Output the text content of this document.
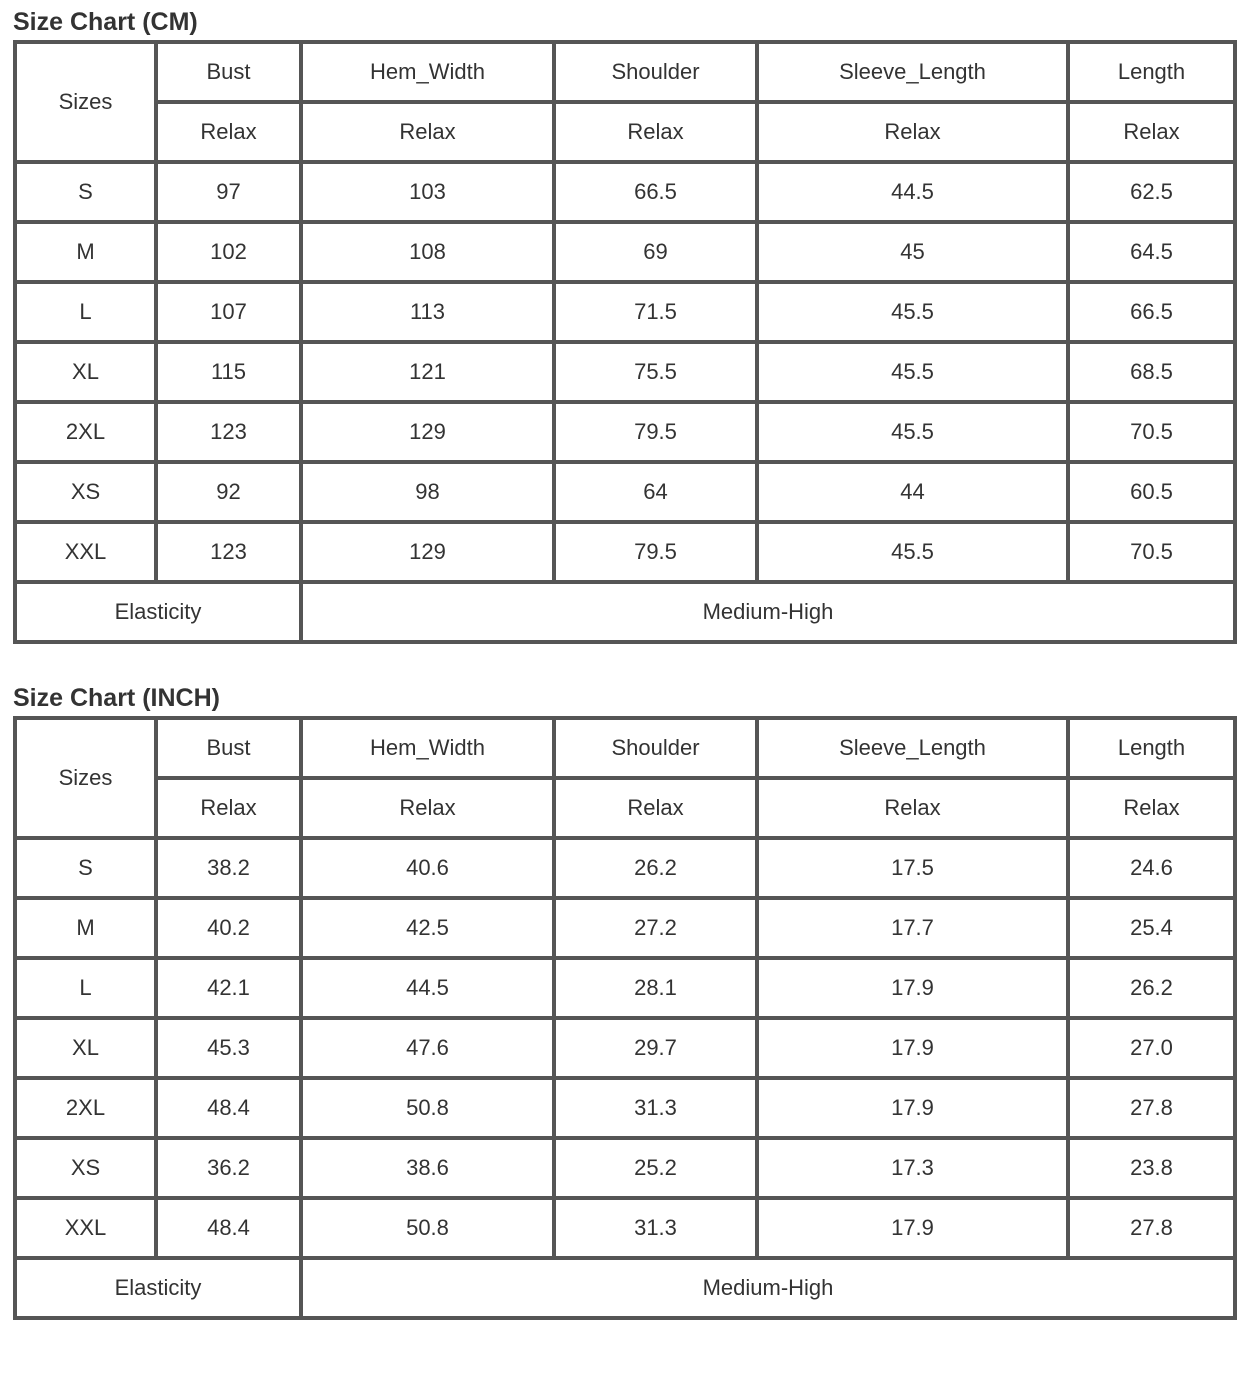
Size Chart (CM)
Sizes	Bust	Hem_Width	Shoulder	Sleeve_Length	Length
	Relax	Relax	Relax	Relax	Relax
S	97	103	66.5	44.5	62.5
M	102	108	69	45	64.5
L	107	113	71.5	45.5	66.5
XL	115	121	75.5	45.5	68.5
2XL	123	129	79.5	45.5	70.5
XS	92	98	64	44	60.5
XXL	123	129	79.5	45.5	70.5
Elasticity		Medium-High			
Size Chart (INCH)
Sizes	Bust	Hem_Width	Shoulder	Sleeve_Length	Length
	Relax	Relax	Relax	Relax	Relax
S	38.2	40.6	26.2	17.5	24.6
M	40.2	42.5	27.2	17.7	25.4
L	42.1	44.5	28.1	17.9	26.2
XL	45.3	47.6	29.7	17.9	27.0
2XL	48.4	50.8	31.3	17.9	27.8
XS	36.2	38.6	25.2	17.3	23.8
XXL	48.4	50.8	31.3	17.9	27.8
Elasticity		Medium-High			
